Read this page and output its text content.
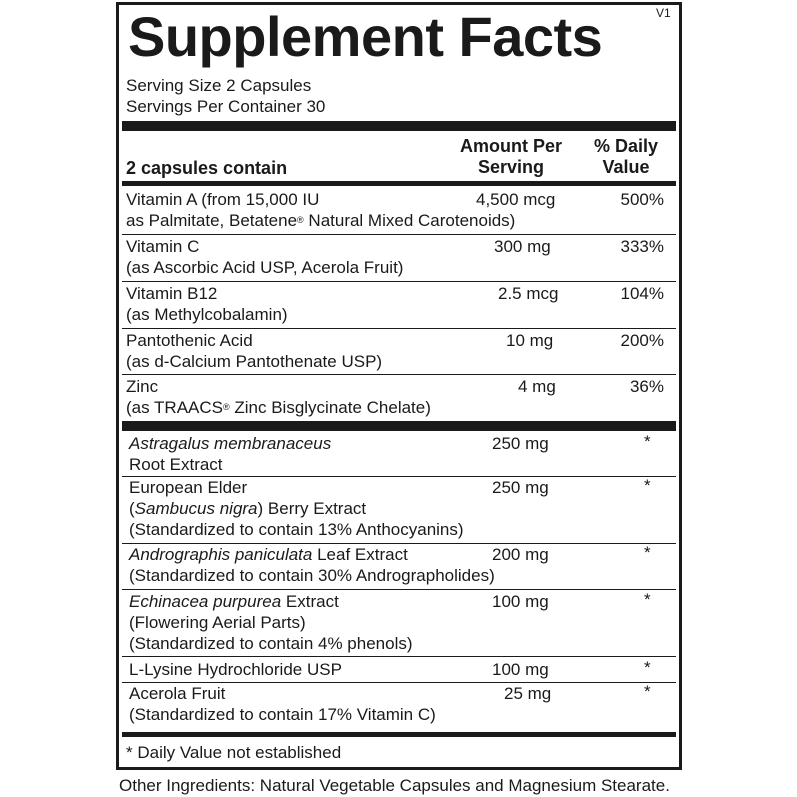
V1
Supplement Facts
Serving Size 2 Capsules
Servings Per Container 30
2 capsules contain
Amount Per
Serving
% Daily
Value
Vitamin A (from 15,000 IU
as Palmitate, Betatene® Natural Mixed Carotenoids)
4,500 mcg	500%
Vitamin C
(as Ascorbic Acid USP, Acerola Fruit)
300 mg	333%
Vitamin B12
(as Methylcobalamin)
2.5 mcg	104%
Pantothenic Acid
(as d-Calcium Pantothenate USP)
10 mg	200%
Zinc
(as TRAACS® Zinc Bisglycinate Chelate)
4 mg	36%
Astragalus membranaceus
Root Extract
250 mg	*
European Elder
(Sambucus nigra) Berry Extract
(Standardized to contain 13% Anthocyanins)
250 mg	*
Andrographis paniculata Leaf Extract
(Standardized to contain 30% Andrographolides)
200 mg	*
Echinacea purpurea Extract
(Flowering Aerial Parts)
(Standardized to contain 4% phenols)
100 mg	*
L-Lysine Hydrochloride USP	100 mg	*
Acerola Fruit
(Standardized to contain 17% Vitamin C)
25 mg	*
* Daily Value not established
Other Ingredients: Natural Vegetable Capsules and Magnesium Stearate.
